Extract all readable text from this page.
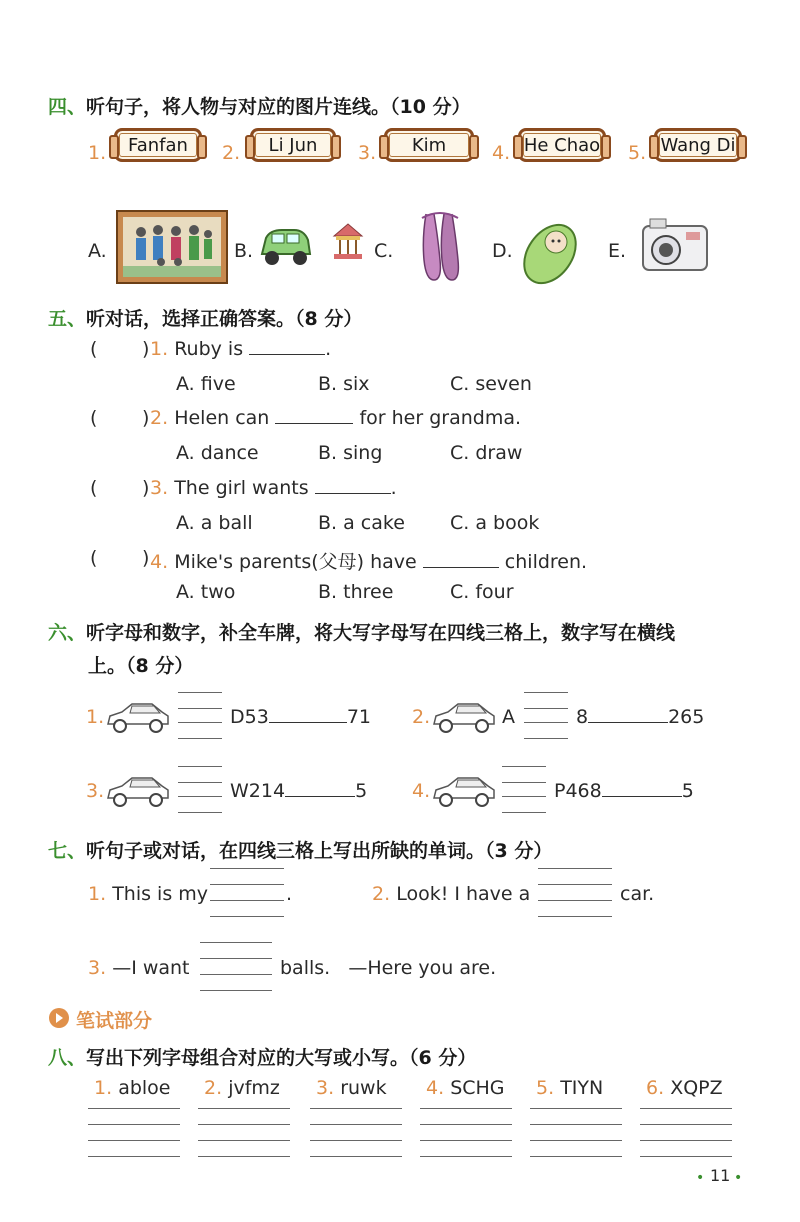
四、听句子，将人物与对应的图片连线。（10 分）
1. Fanfan 2. Li Jun 3. Kim 4. He Chao 5. Wang Di
A.	B.	C.	D.	E.
五、听对话，选择正确答案。（8 分）
( ) 1. Ruby is	.
A. five	B. six	C. seven
( ) 2. Helen can	for her grandma.
A. dance	B. sing	C. draw
( ) 3. The girl wants	.
A. a ball	B. a cake C. a book
( ) 4. Mike's parents(父母) have	children.
A. two	B. three	C. four
六、听字母和数字，补全车牌，将大写字母写在四线三格上，数字写在横线
上。（8 分）
1.	D53	71 2.	A	8	265
3.	W214	5 4.	P468	5
七、听句子或对话，在四线三格上写出所缺的单词。（3 分）
1. This is my	.	2. Look! I have a	car.
3. —I want	balls.   —Here you are.
笔试部分
八、写出下列字母组合对应的大写或小写。（6 分）
1. abloe 2. jvfmz 3. ruwk 4. SCHG 5. TIYN 6. XQPZ
• 11 •
